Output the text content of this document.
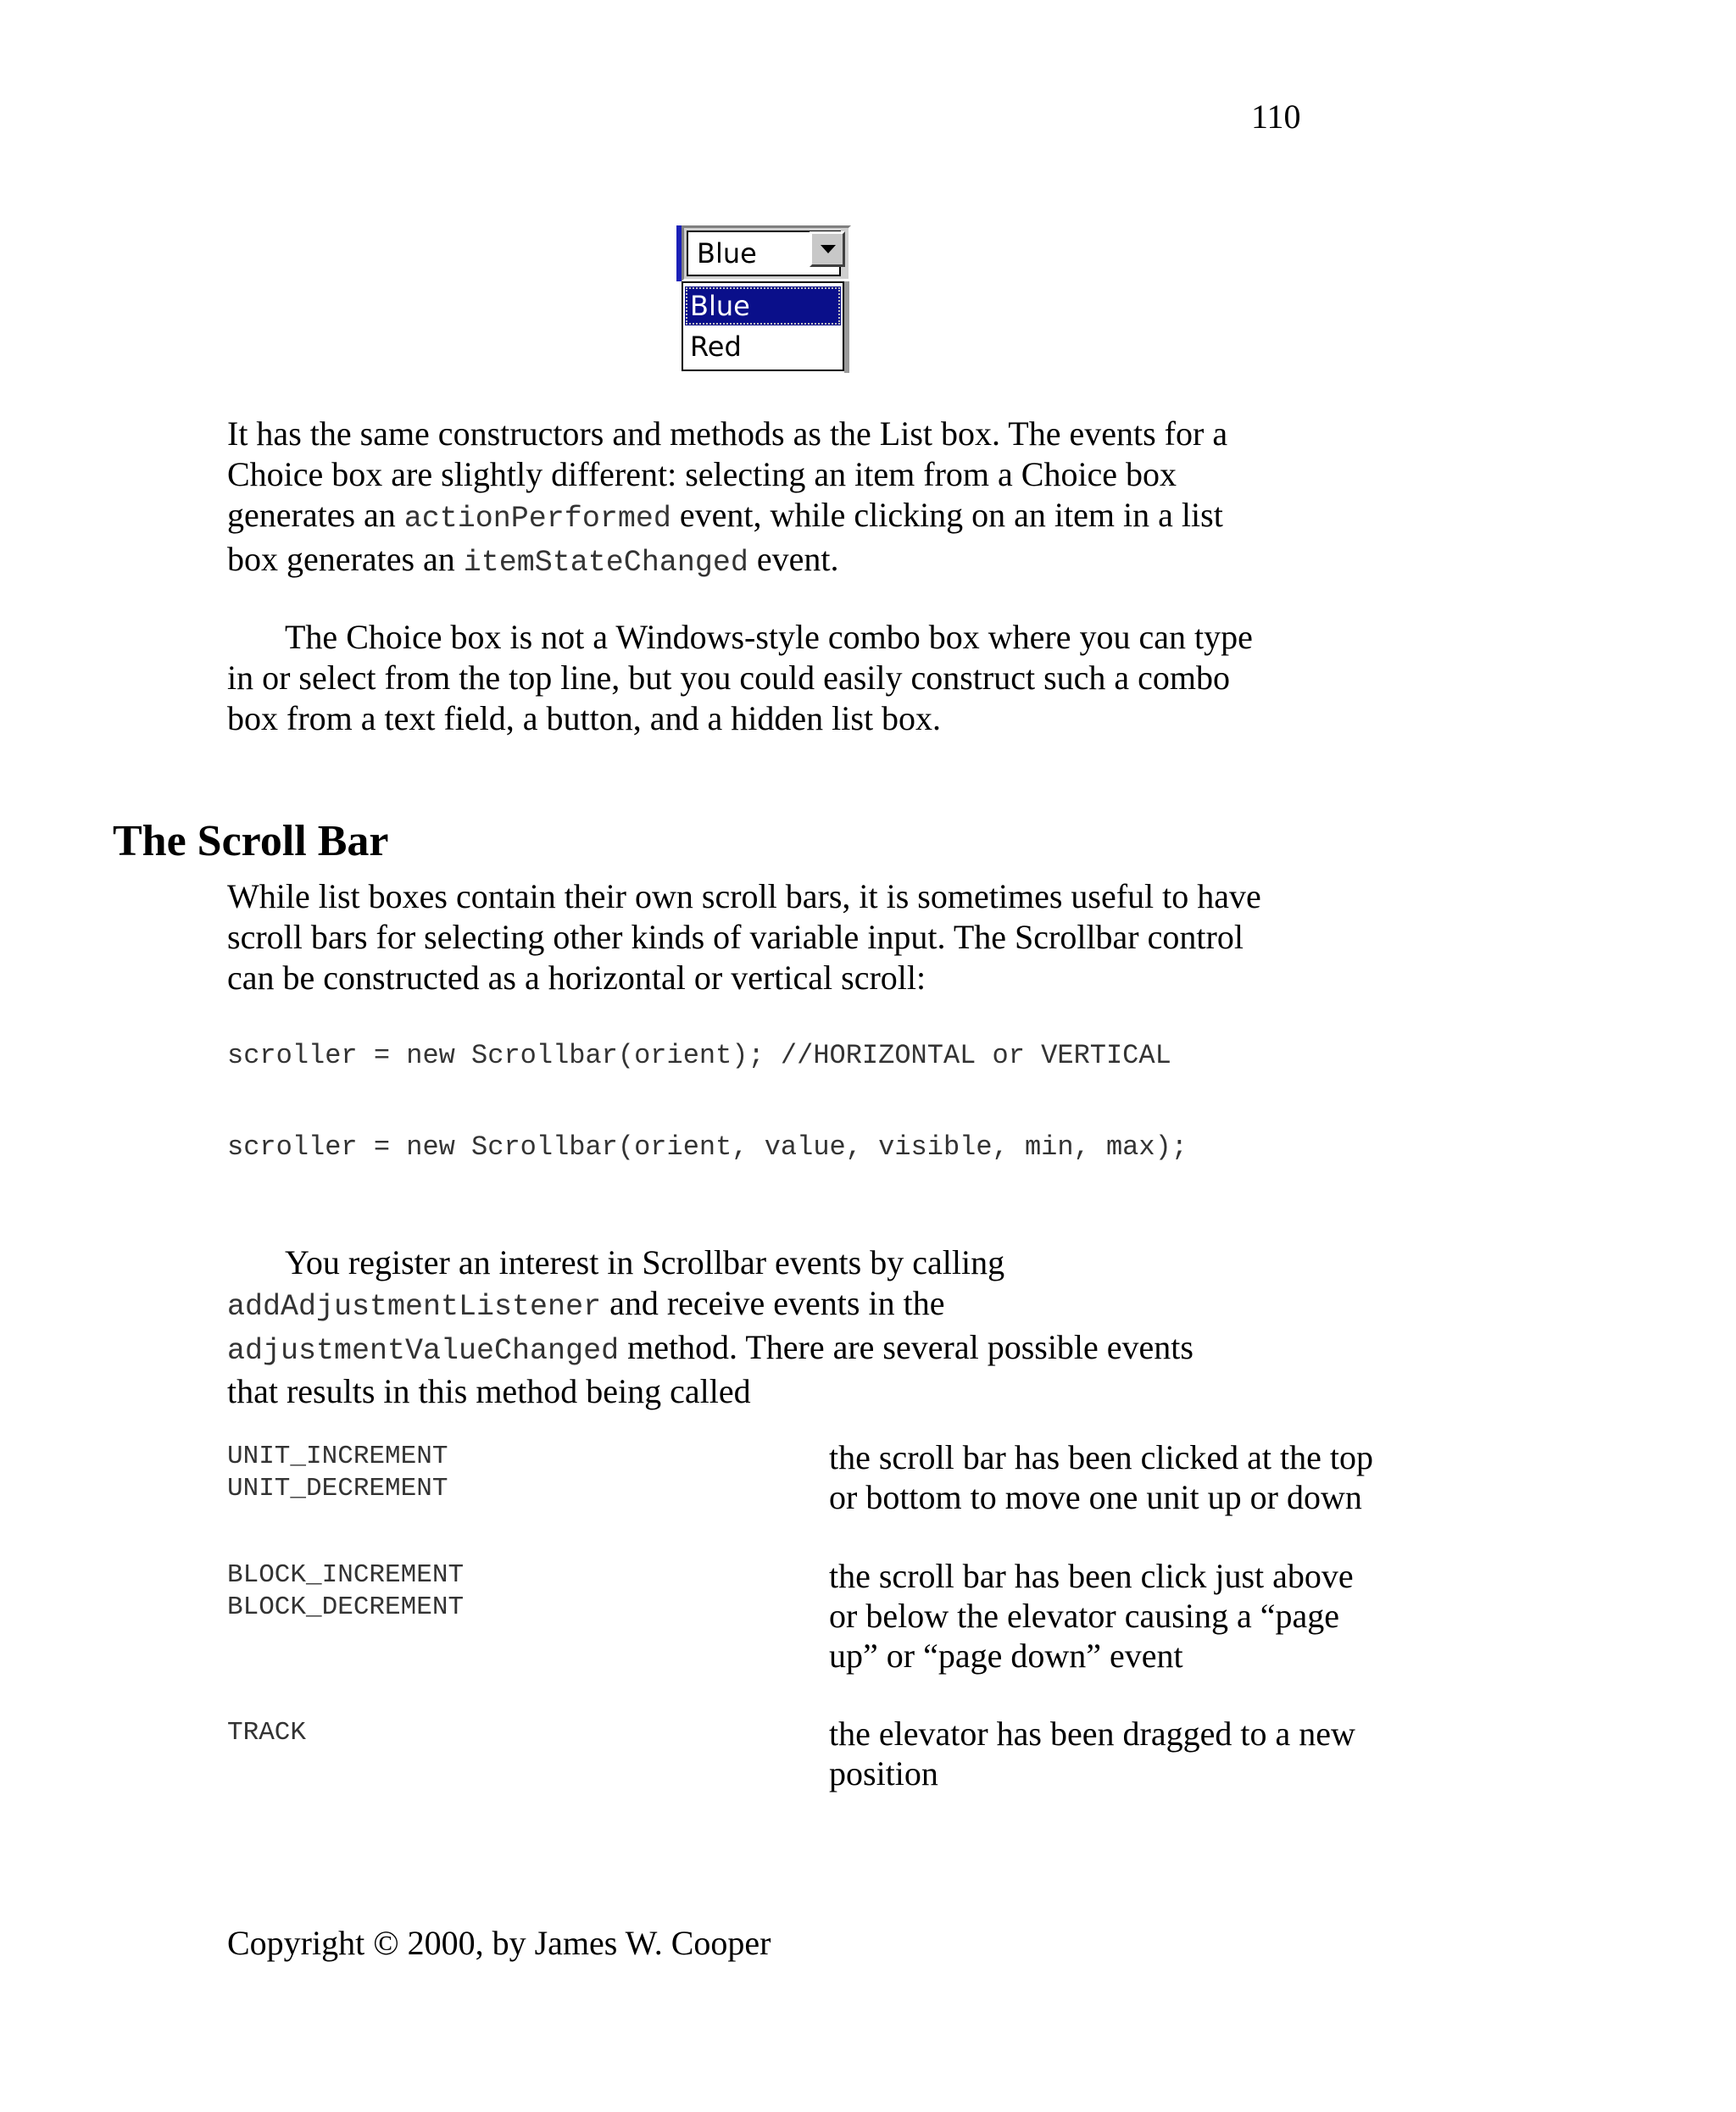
110
Blue
Blue
Red
It has the same constructors and methods as the List box. The events for a
Choice box are slightly different: selecting an item from a Choice box
generates an actionPerformed event, while clicking on an item in a list
box generates an itemStateChanged event.
The Choice box is not a Windows-style combo box where you can type
in or select from the top line, but you could easily construct such a combo
box from a text field, a button, and a hidden list box.
The Scroll Bar
While list boxes contain their own scroll bars, it is sometimes useful to have
scroll bars for selecting other kinds of variable input. The Scrollbar control
can be constructed as a horizontal or vertical scroll:
scroller = new Scrollbar(orient); //HORIZONTAL or VERTICAL
scroller = new Scrollbar(orient, value, visible, min, max);
You register an interest in Scrollbar events by calling
addAdjustmentListener and receive events in the
adjustmentValueChanged method. There are several possible events
that results in this method being called
UNIT_INCREMENT
UNIT_DECREMENT
the scroll bar has been clicked at the top
or bottom to move one unit up or down
BLOCK_INCREMENT
BLOCK_DECREMENT
the scroll bar has been click just above
or below the elevator causing a “page
up” or “page down” event
TRACK	the elevator has been dragged to a new
position
Copyright © 2000, by James W. Cooper
